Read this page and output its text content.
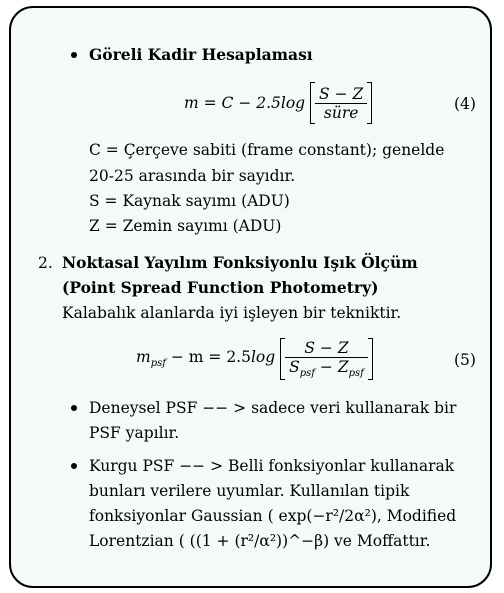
Göreli Kadir Hesaplaması
$m = C - 2.5\log \frac{S - Z}{\text{süre}}$	(4)
C = Çerçeve sabiti (frame constant); genelde
20-25 arasında bir sayıdır.
S = Kaynak sayımı (ADU)
Z = Zemin sayımı (ADU)
2. Noktasal Yayılım Fonksiyonlu Işık Ölçüm
(Point Spread Function Photometry)
Kalabalık alanlarda iyi işleyen bir tekniktir.
$m_{psf} - m = 2.5\log \frac{S - Z}{S_{psf} - Z_{psf}}$	(5)
Deneysel PSF −− > sadece veri kullanarak bir
PSF yapılır.
Kurgu PSF −− > Belli fonksiyonlar kullanarak
bunları verilere uyumlar. Kullanılan tipik
fonksiyonlar Gaussian ( exp(−r²/2α²), Modified
Lorentzian ( ((1 + (r²/α²))^−β) ve Moffattır.
